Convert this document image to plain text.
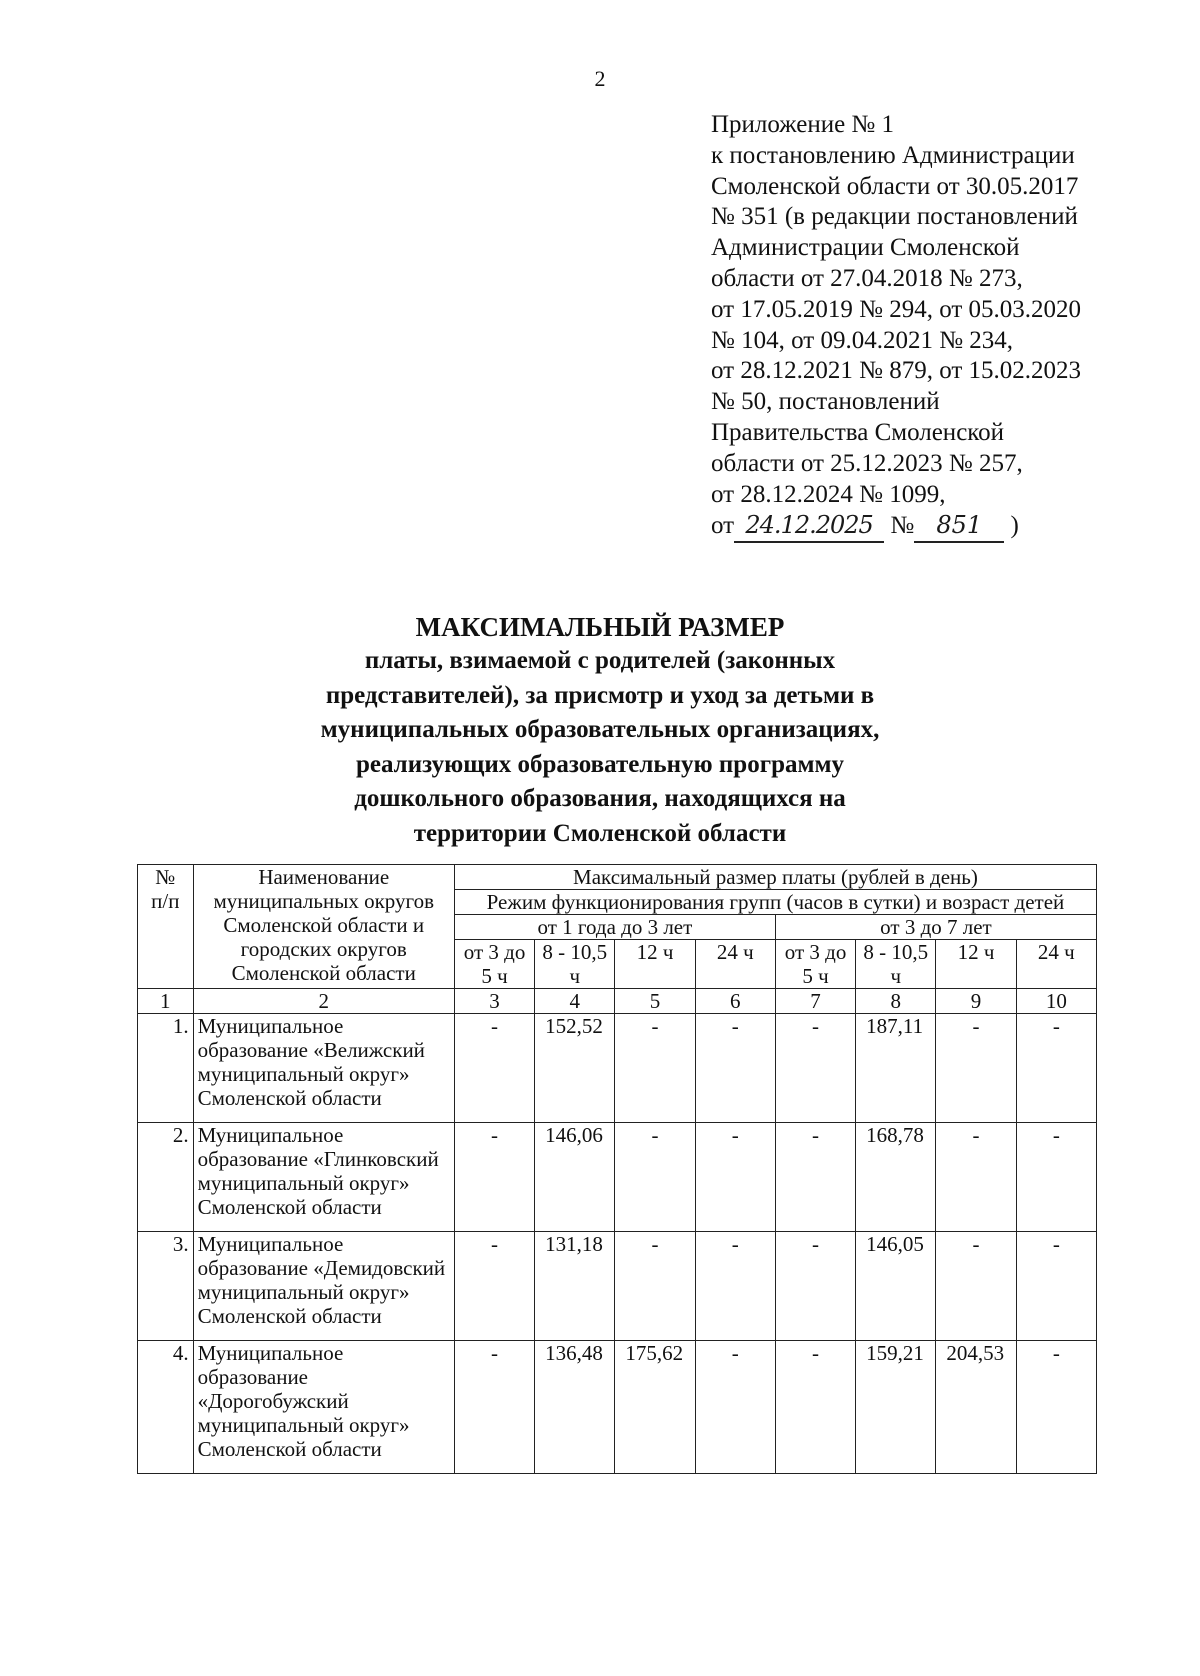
2
Приложение № 1
к постановлению Администрации
Смоленской области от 30.05.2017
№ 351 (в редакции постановлений
Администрации Смоленской
области от 27.04.2018 № 273,
от 17.05.2019 № 294, от 05.03.2020
№ 104, от 09.04.2021 № 234,
от 28.12.2021 № 879, от 15.02.2023
№ 50, постановлений
Правительства Смоленской
области от 25.12.2023 № 257,
от 28.12.2024 № 1099,
от 24.12.2025 № 851 )
МАКСИМАЛЬНЫЙ РАЗМЕР
платы, взимаемой с родителей (законных
представителей), за присмотр и уход за детьми в
муниципальных образовательных организациях,
реализующих образовательную программу
дошкольного образования, находящихся на
территории Смоленской области
№
п/п	Наименование муниципальных округов Смоленской области и городских округов Смоленской области	Максимальный размер платы (рублей в день)							
		Режим функционирования групп (часов в сутки) и возраст детей							
		от 1 года до 3 лет				от 3 до 7 лет			
		от 3 до 5 ч	8 - 10,5 ч	12 ч	24 ч	от 3 до 5 ч	8 - 10,5 ч	12 ч	24 ч
1	2	3	4	5	6	7	8	9	10
1.	Муниципальное образование «Велижский муниципальный округ» Смоленской области	-	152,52	-	-	-	187,11	-	-
2.	Муниципальное образование «Глинковский муниципальный округ» Смоленской области	-	146,06	-	-	-	168,78	-	-
3.	Муниципальное образование «Демидовский муниципальный округ» Смоленской области	-	131,18	-	-	-	146,05	-	-
4.	Муниципальное образование «Дорогобужский муниципальный округ» Смоленской области	-	136,48	175,62	-	-	159,21	204,53	-
